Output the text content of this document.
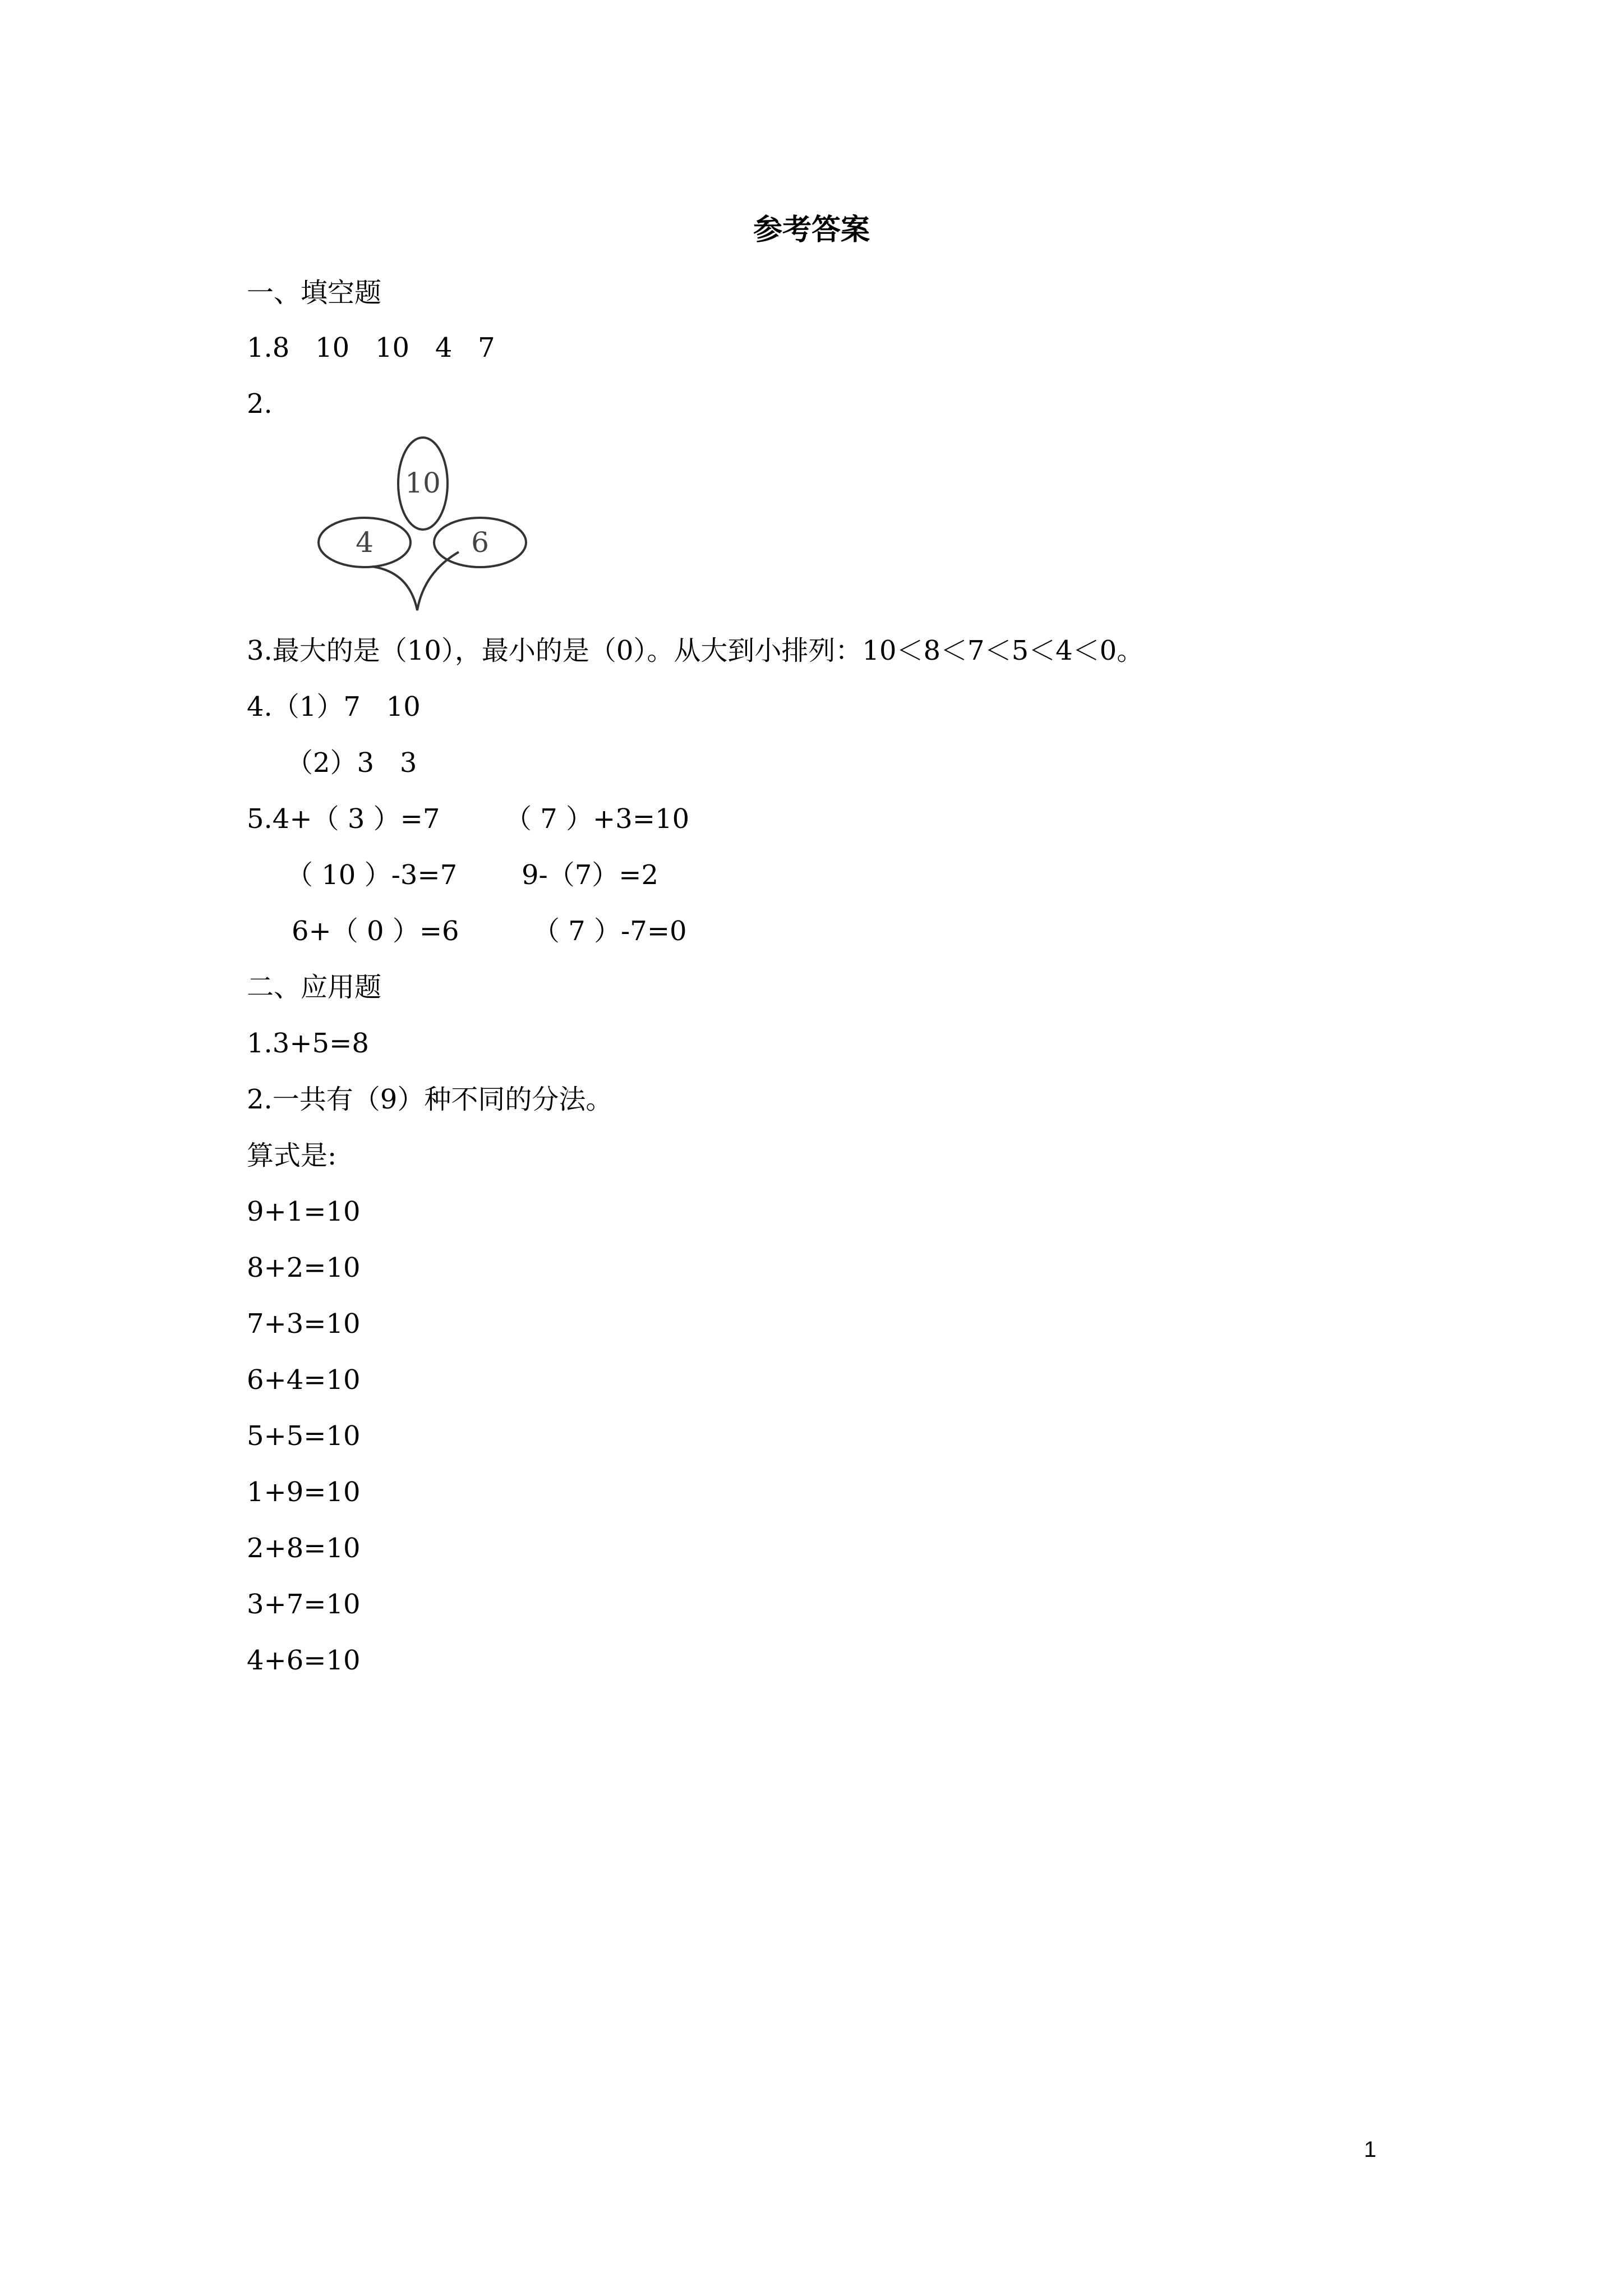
参考答案
一、填空题
1.8   10   10   4   7
2.
10
4	6
3.最大的是（10），最小的是（0）。从大到小排列：10＜8＜7＜5＜4＜0。
4.（1）7   10
（2）3   3
5.4+（ 3 ）=7 （ 7 ）+3=10
（ 10 ）-3=7 9-（7）=2
6+（ 0 ）=6	（ 7 ）-7=0
二、应用题
1.3+5=8
2.一共有（9）种不同的分法。
算式是:
9+1=10
8+2=10
7+3=10
6+4=10
5+5=10
1+9=10
2+8=10
3+7=10
4+6=10
1
